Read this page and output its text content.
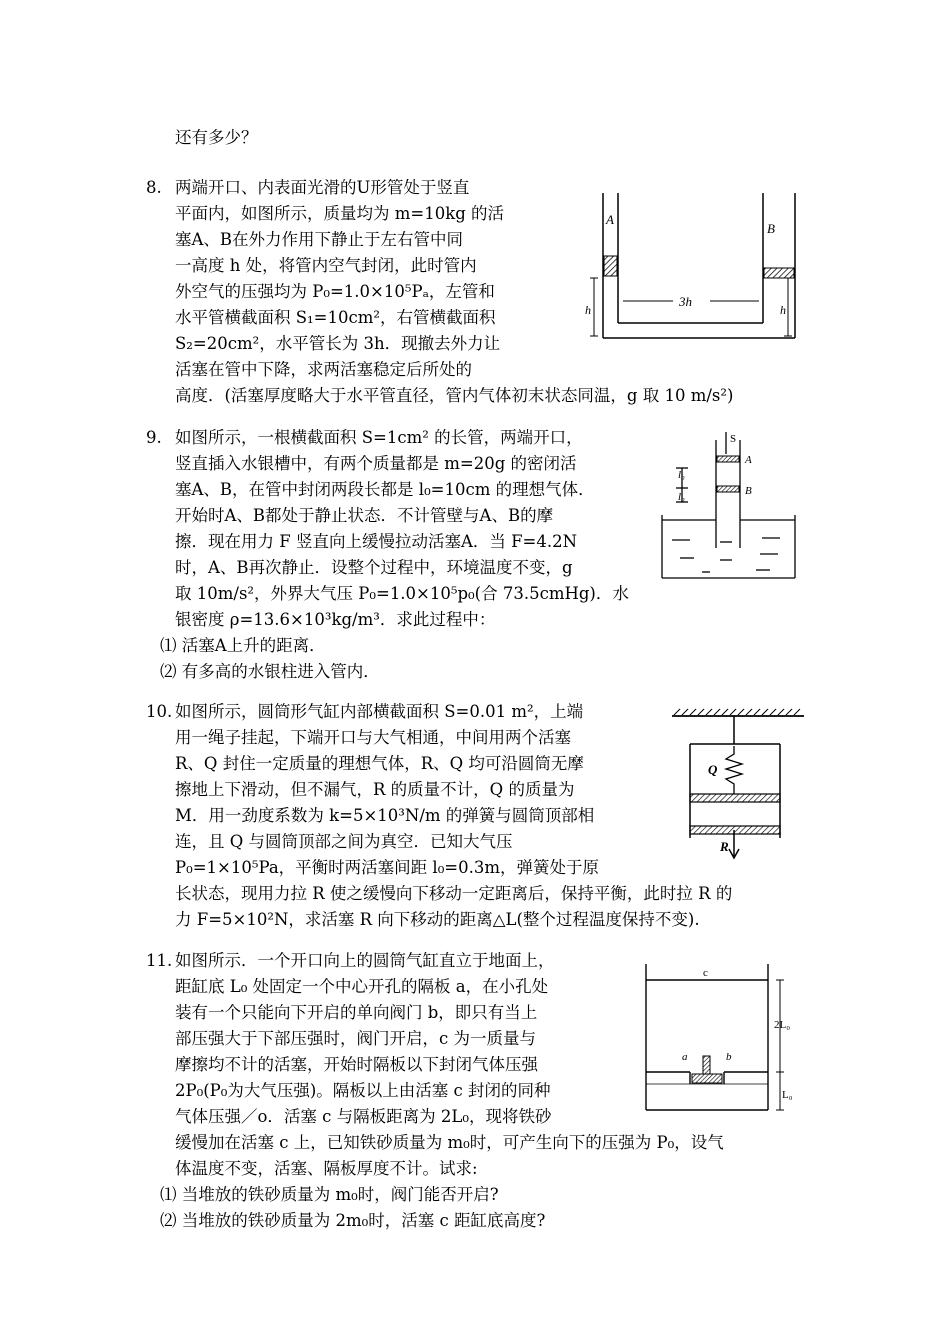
还有多少？
8. 两端开口、内表面光滑的U形管处于竖直
平面内，如图所示，质量均为 m=10kg 的活
塞A、B在外力作用下静止于左右管中同
一高度 h 处，将管内空气封闭，此时管内
外空气的压强均为 P₀=1.0×10⁵Pₐ，左管和
水平管横截面积 S₁=10cm²，右管横截面积
S₂=20cm²，水平管长为 3h．现撤去外力让
活塞在管中下降，求两活塞稳定后所处的
高度．(活塞厚度略大于水平管直径，管内气体初末状态同温，g 取 10 m/s²)
A
B
3h
h	h
9. 如图所示，一根横截面积 S=1cm² 的长管，两端开口，
竖直插入水银槽中，有两个质量都是 m=20g 的密闭活
塞A、B，在管中封闭两段长都是 l₀=10cm 的理想气体．
开始时A、B都处于静止状态．不计管壁与A、B的摩
擦．现在用力 F 竖直向上缓慢拉动活塞A．当 F=4.2N
时，A、B再次静止．设整个过程中，环境温度不变，g
取 10m/s²，外界大气压 P₀=1.0×10⁵p₀(合 73.5cmHg)．水
银密度 ρ=13.6×10³kg/m³．求此过程中：
⑴ 活塞A上升的距离．
⑵ 有多高的水银柱进入管内．
S
A
B
l₀
l₀
10. 如图所示，圆筒形气缸内部横截面积 S=0.01 m²，上端
用一绳子挂起，下端开口与大气相通，中间用两个活塞
R、Q 封住一定质量的理想气体，R、Q 均可沿圆筒无摩
擦地上下滑动，但不漏气，R 的质量不计，Q 的质量为
M．用一劲度系数为 k=5×10³N/m 的弹簧与圆筒顶部相
连，且 Q 与圆筒顶部之间为真空．已知大气压
P₀=1×10⁵Pa，平衡时两活塞间距 l₀=0.3m，弹簧处于原
长状态，现用力拉 R 使之缓慢向下移动一定距离后，保持平衡，此时拉 R 的
力 F=5×10²N，求活塞 R 向下移动的距离△L(整个过程温度保持不变).
Q
R
11. 如图所示．一个开口向上的圆筒气缸直立于地面上，
距缸底 L₀ 处固定一个中心开孔的隔板 a，在小孔处
装有一个只能向下开启的单向阀门 b，即只有当上
部压强大于下部压强时，阀门开启，c 为一质量与
摩擦均不计的活塞，开始时隔板以下封闭气体压强
2P₀(P₀为大气压强)。隔板以上由活塞 c 封闭的同种
气体压强／o．活塞 c 与隔板距离为 2L₀，现将铁砂
缓慢加在活塞 c 上，已知铁砂质量为 m₀时，可产生向下的压强为 P₀，设气
体温度不变，活塞、隔板厚度不计。试求:
⑴ 当堆放的铁砂质量为 m₀时，阀门能否开启?
⑵ 当堆放的铁砂质量为 2m₀时，活塞 c 距缸底高度?
c
2L₀
L₀
a	b
